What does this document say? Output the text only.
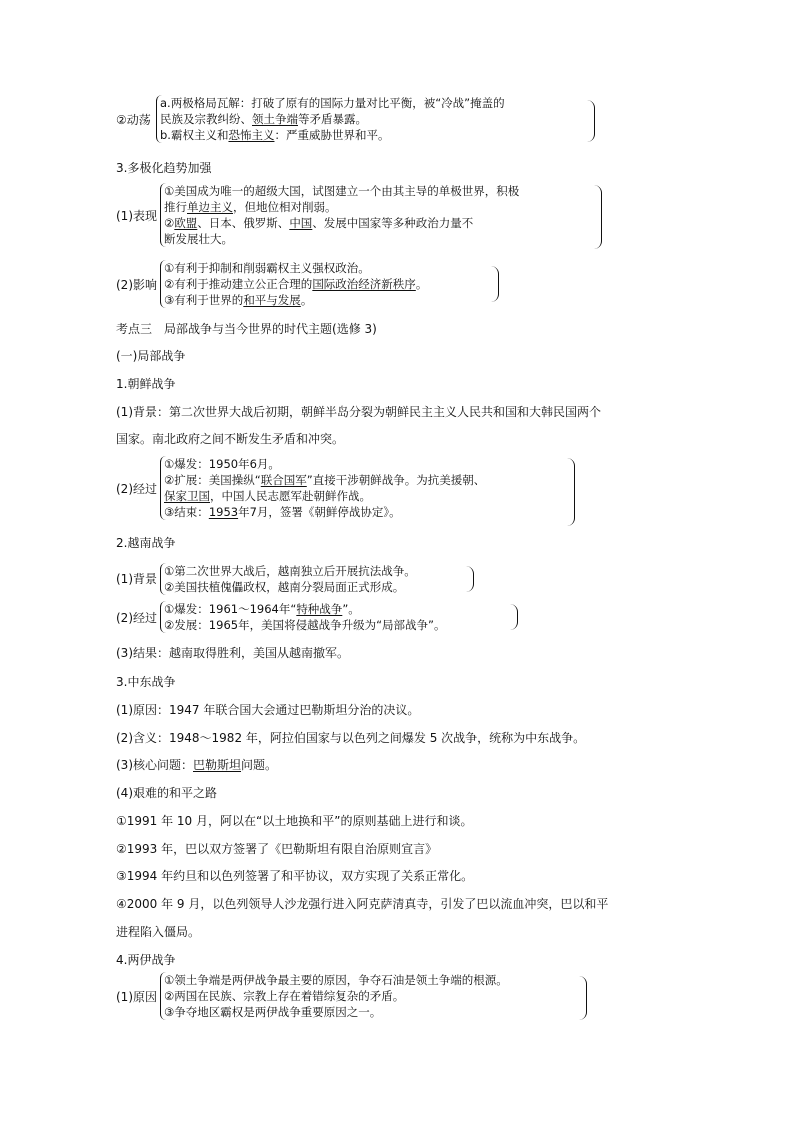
②动荡
a.两极格局瓦解：打破了原有的国际力量对比平衡，被“冷战”掩盖的
民族及宗教纠纷、领土争端等矛盾暴露。
b.霸权主义和恐怖主义：严重威胁世界和平。
3.多极化趋势加强
(1)表现
①美国成为唯一的超级大国，试图建立一个由其主导的单极世界，积极
推行单边主义，但地位相对削弱。
②欧盟、日本、俄罗斯、中国、发展中国家等多种政治力量不
断发展壮大。
(2)影响
①有利于抑制和削弱霸权主义强权政治。
②有利于推动建立公正合理的国际政治经济新秩序。
③有利于世界的和平与发展。
考点三 局部战争与当今世界的时代主题(选修 3)
(一)局部战争
1.朝鲜战争
(1)背景：第二次世界大战后初期，朝鲜半岛分裂为朝鲜民主主义人民共和国和大韩民国两个
国家。南北政府之间不断发生矛盾和冲突。
(2)经过
①爆发：1950年6月。
②扩展：美国操纵“联合国军”直接干涉朝鲜战争。为抗美援朝、
保家卫国，中国人民志愿军赴朝鲜作战。
③结束：1953年7月，签署《朝鲜停战协定》。
2.越南战争
(1)背景
①第二次世界大战后，越南独立后开展抗法战争。
②美国扶植傀儡政权，越南分裂局面正式形成。
(2)经过
①爆发：1961～1964年“特种战争”。
②发展：1965年，美国将侵越战争升级为“局部战争”。
(3)结果：越南取得胜利，美国从越南撤军。
3.中东战争
(1)原因：1947 年联合国大会通过巴勒斯坦分治的决议。
(2)含义：1948～1982 年，阿拉伯国家与以色列之间爆发 5 次战争，统称为中东战争。
(3)核心问题：巴勒斯坦问题。
(4)艰难的和平之路
①1991 年 10 月，阿以在“以土地换和平”的原则基础上进行和谈。
②1993 年，巴以双方签署了《巴勒斯坦有限自治原则宣言》
③1994 年约旦和以色列签署了和平协议，双方实现了关系正常化。
④2000 年 9 月，以色列领导人沙龙强行进入阿克萨清真寺，引发了巴以流血冲突，巴以和平
进程陷入僵局。
4.两伊战争
(1)原因
①领土争端是两伊战争最主要的原因，争夺石油是领土争端的根源。
②两国在民族、宗教上存在着错综复杂的矛盾。
③争夺地区霸权是两伊战争重要原因之一。
